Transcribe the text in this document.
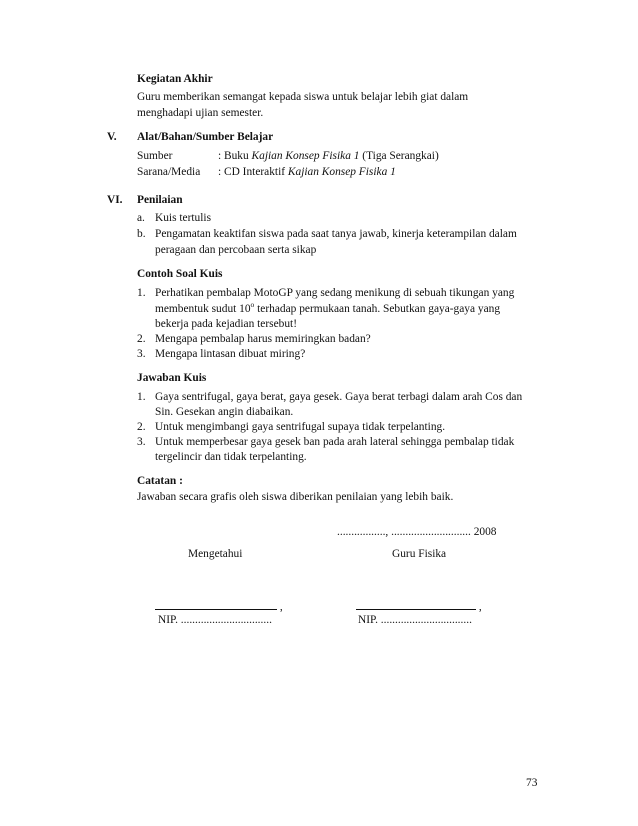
Kegiatan Akhir
Guru memberikan semangat kepada siswa untuk belajar lebih giat dalam
menghadapi ujian semester.
V. Alat/Bahan/Sumber Belajar
Sumber	: Buku Kajian Konsep Fisika 1 (Tiga Serangkai)
Sarana/Media : CD Interaktif Kajian Konsep Fisika 1
VI. Penilaian
a. Kuis tertulis
b. Pengamatan keaktifan siswa pada saat tanya jawab, kinerja keterampilan dalam
peragaan dan percobaan serta sikap
Contoh Soal Kuis
1. Perhatikan pembalap MotoGP yang sedang menikung di sebuah tikungan yang
membentuk sudut 10$^o$ terhadap permukaan tanah. Sebutkan gaya-gaya yang
bekerja pada kejadian tersebut!
2. Mengapa pembalap harus memiringkan badan?
3. Mengapa lintasan dibuat miring?
Jawaban Kuis
1. Gaya sentrifugal, gaya berat, gaya gesek. Gaya berat terbagi dalam arah Cos dan
Sin. Gesekan angin diabaikan.
2. Untuk mengimbangi gaya sentrifugal supaya tidak terpelanting.
3. Untuk memperbesar gaya gesek ban pada arah lateral sehingga pembalap tidak
tergelincir dan tidak terpelanting.
Catatan :
Jawaban secara grafis oleh siswa diberikan penilaian yang lebih baik.
................., ............................ 2008
Mengetahui	Guru Fisika
,	,
NIP. ................................	NIP. ................................
73
